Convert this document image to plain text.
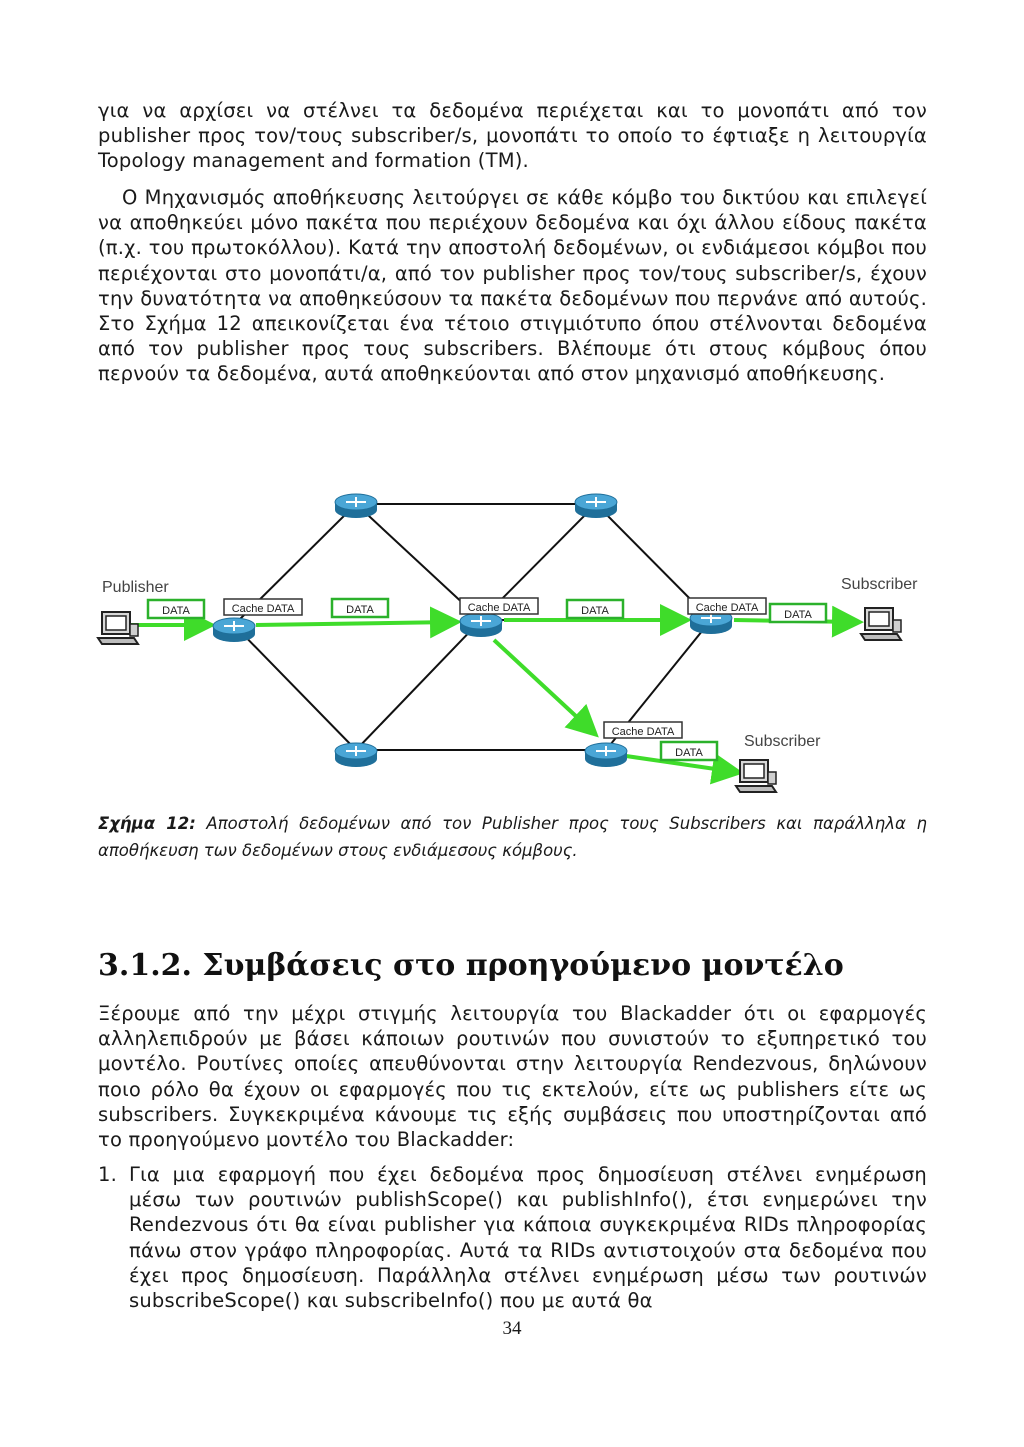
για να αρχίσει να στέλνει τα δεδομένα περιέχεται και το μονοπάτι από τον publisher προς τον/τους subscriber/s, μονοπάτι το οποίο το έφτιαξε η λειτουργία Topology management and formation (TM).

Ο Μηχανισμός αποθήκευσης λειτούργει σε κάθε κόμβο του δικτύου και επιλεγεί να αποθηκεύει μόνο πακέτα που περιέχουν δεδομένα και όχι άλλου είδους πακέτα (π.χ. του πρωτοκόλλου). Κατά την αποστολή δεδομένων, οι ενδιάμεσοι κόμβοι που περιέχονται στο μονοπάτι/α, από τον publisher προς τον/τους subscriber/s, έχουν την δυνατότητα να αποθηκεύσουν τα πακέτα δεδομένων που περνάνε από αυτούς. Στο Σχήμα 12 απεικονίζεται ένα τέτοιο στιγμιότυπο όπου στέλνονται δεδομένα από τον publisher προς τους subscribers. Βλέπουμε ότι στους κόμβους όπου περνούν τα δεδομένα, αυτά αποθηκεύονται από στον μηχανισμό αποθήκευσης.

Publisher	Subscriber
Subscriber
DATA	DATA	DATA	DATA
DATA
Cache DATA	Cache DATA	Cache DATA
Cache DATA

Σχήμα 12: Αποστολή δεδομένων από τον Publisher προς τους Subscribers και παράλληλα η αποθήκευση των δεδομένων στους ενδιάμεσους κόμβους.

3.1.2. Συμβάσεις στο προηγούμενο μοντέλο

Ξέρουμε από την μέχρι στιγμής λειτουργία του Blackadder ότι οι εφαρμογές αλληλεπιδρούν με βάσει κάποιων ρουτινών που συνιστούν το εξυπηρετικό του μοντέλο. Ρουτίνες οποίες απευθύνονται στην λειτουργία Rendezvous, δηλώνουν ποιο ρόλο θα έχουν οι εφαρμογές που τις εκτελούν, είτε ως publishers είτε ως subscribers. Συγκεκριμένα κάνουμε τις εξής συμβάσεις που υποστηρίζονται από το προηγούμενο μοντέλο του Blackadder:

1. Για μια εφαρμογή που έχει δεδομένα προς δημοσίευση στέλνει ενημέρωση μέσω των ρουτινών publishScope() και publishInfo(), έτσι ενημερώνει την Rendezvous ότι θα είναι publisher για κάποια συγκεκριμένα RIDs πληροφορίας πάνω στον γράφο πληροφορίας. Αυτά τα RIDs αντιστοιχούν στα δεδομένα που έχει προς δημοσίευση. Παράλληλα στέλνει ενημέρωση μέσω των ρουτινών subscribeScope() και subscribeInfo() που με αυτά θα
34
